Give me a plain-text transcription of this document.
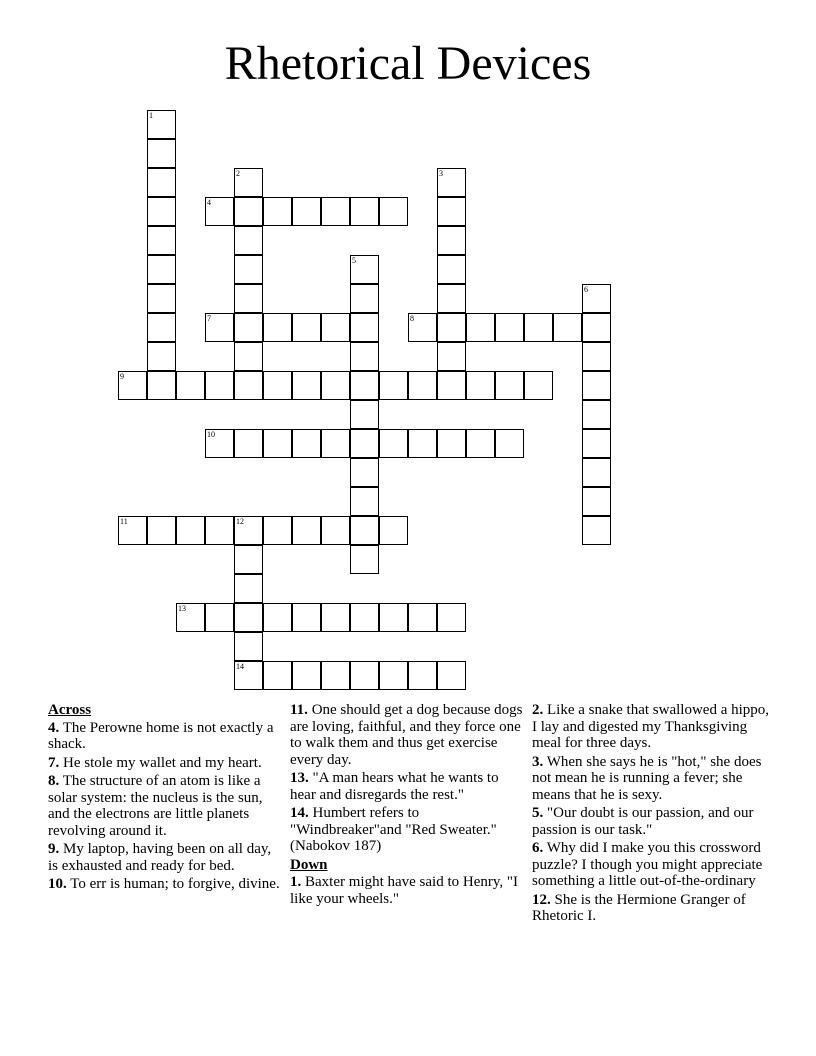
Rhetorical Devices
1
2	3
4
5
6
7	8
9
10
11	12
14
13
Across
4. The Perowne home is not exactly a shack.
7. He stole my wallet and my heart.
8. The structure of an atom is like a solar system: the nucleus is the sun, and the electrons are little planets revolving around it.
9. My laptop, having been on all day, is exhausted and ready for bed.
10. To err is human; to forgive, divine.
11. One should get a dog because dogs are loving, faithful, and they force one to walk them and thus get exercise every day.
13. "A man hears what he wants to hear and disregards the rest."
14. Humbert refers to "Windbreaker"and "Red Sweater." (Nabokov 187)
Down
1. Baxter might have said to Henry, "I like your wheels."
2. Like a snake that swallowed a hippo, I lay and digested my Thanksgiving meal for three days.
3. When she says he is "hot," she does not mean he is running a fever; she means that he is sexy.
5. "Our doubt is our passion, and our passion is our task."
6. Why did I make you this crossword puzzle? I though you might appreciate something a little out-of-the-ordinary
12. She is the Hermione Granger of Rhetoric I.
